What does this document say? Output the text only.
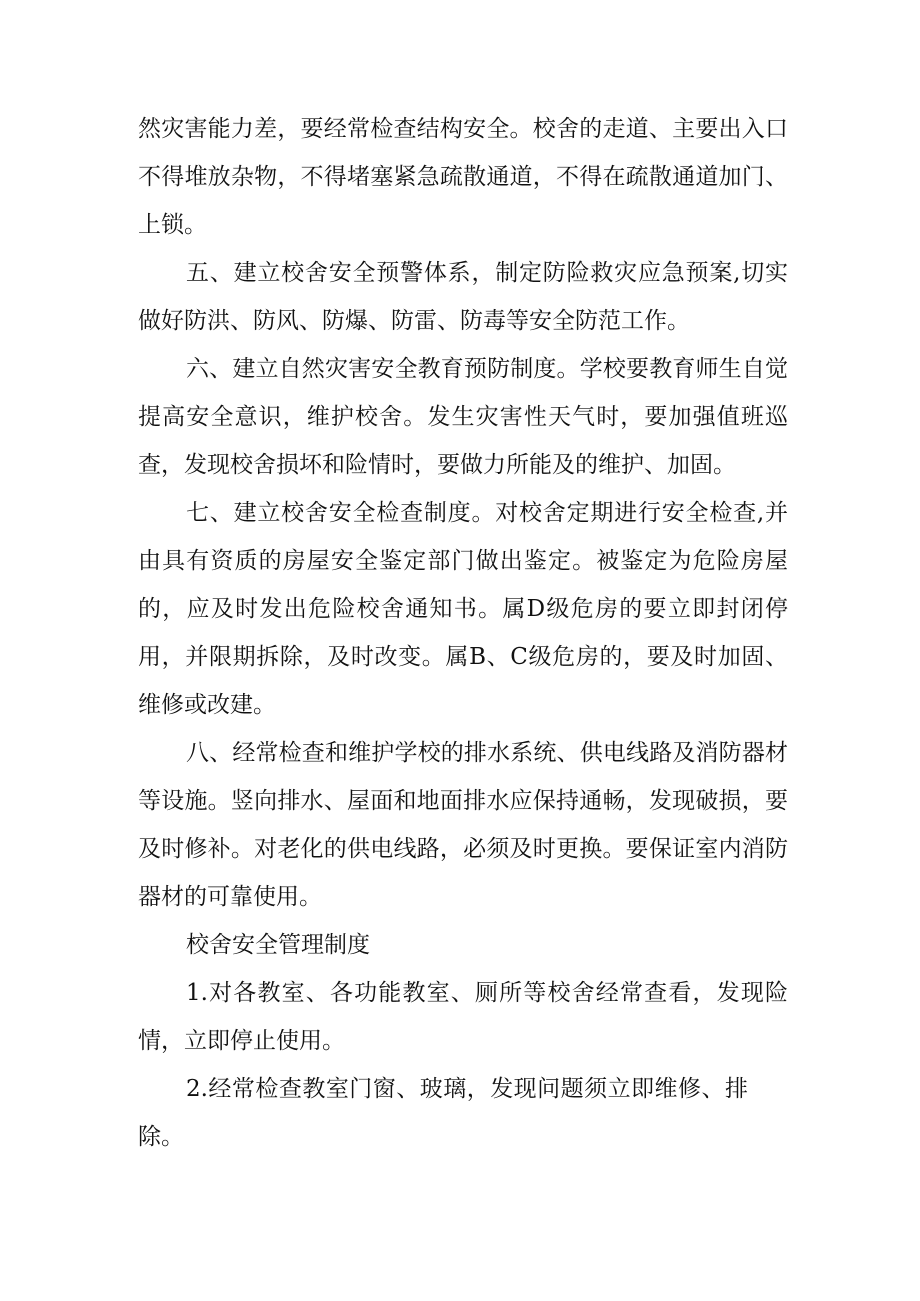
然灾害能力差，要经常检查结构安全。校舍的走道、主要出入口不得堆放杂物，不得堵塞紧急疏散通道，不得在疏散通道加门、上锁。

五、建立校舍安全预警体系，制定防险救灾应急预案,切实做好防洪、防风、防爆、防雷、防毒等安全防范工作。

六、建立自然灾害安全教育预防制度。学校要教育师生自觉提高安全意识，维护校舍。发生灾害性天气时，要加强值班巡查，发现校舍损坏和险情时，要做力所能及的维护、加固。

七、建立校舍安全检查制度。对校舍定期进行安全检查,并由具有资质的房屋安全鉴定部门做出鉴定。被鉴定为危险房屋的，应及时发出危险校舍通知书。属D级危房的要立即封闭停用，并限期拆除，及时改变。属B、C级危房的，要及时加固、维修或改建。

八、经常检查和维护学校的排水系统、供电线路及消防器材等设施。竖向排水、屋面和地面排水应保持通畅，发现破损，要及时修补。对老化的供电线路，必须及时更换。要保证室内消防器材的可靠使用。

校舍安全管理制度

1.对各教室、各功能教室、厕所等校舍经常查看，发现险情，立即停止使用。

2.经常检查教室门窗、玻璃，发现问题须立即维修、排除。
